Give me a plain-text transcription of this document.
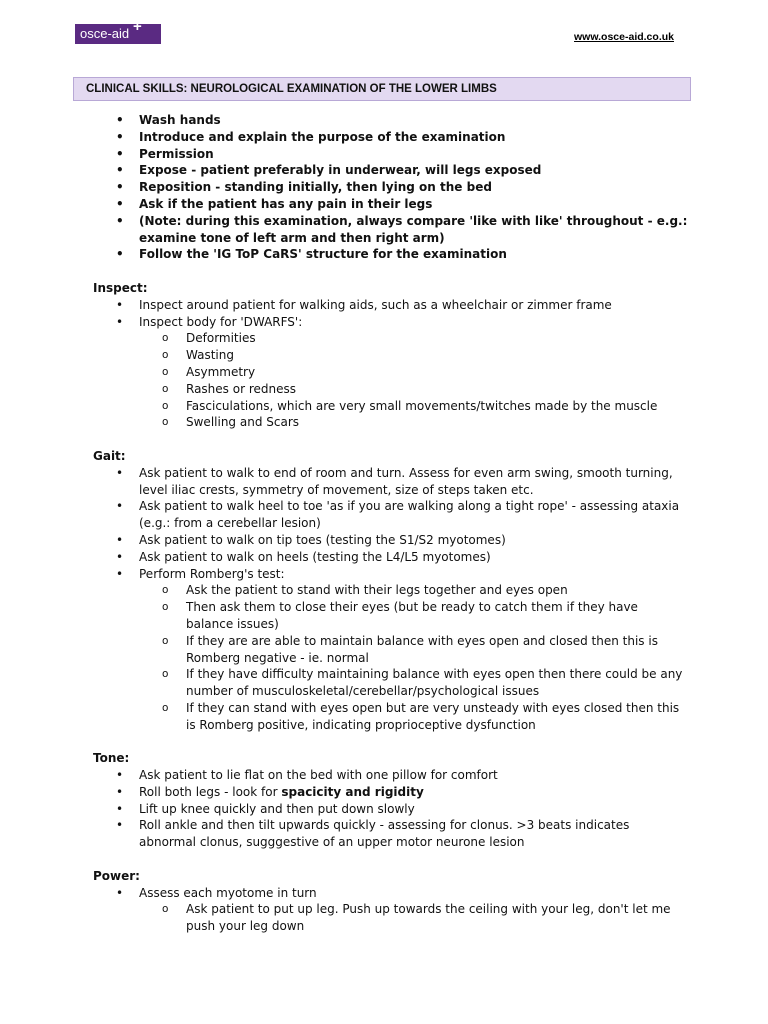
osce-aid +
www.osce-aid.co.uk
CLINICAL SKILLS: NEUROLOGICAL EXAMINATION OF THE LOWER LIMBS
• Wash hands
• Introduce and explain the purpose of the examination
• Permission
• Expose - patient preferably in underwear, will legs exposed
• Reposition - standing initially, then lying on the bed
• Ask if the patient has any pain in their legs
• (Note: during this examination, always compare 'like with like' throughout - e.g.: examine tone of left arm and then right arm)
• Follow the 'IG ToP CaRS' structure for the examination
Inspect:
• Inspect around patient for walking aids, such as a wheelchair or zimmer frame
• Inspect body for 'DWARFS':
o Deformities
o Wasting
o Asymmetry
o Rashes or redness
o Fasciculations, which are very small movements/twitches made by the muscle
o Swelling and Scars
Gait:
• Ask patient to walk to end of room and turn. Assess for even arm swing, smooth turning, level iliac crests, symmetry of movement, size of steps taken etc.
• Ask patient to walk heel to toe 'as if you are walking along a tight rope' - assessing ataxia (e.g.: from a cerebellar lesion)
• Ask patient to walk on tip toes (testing the S1/S2 myotomes)
• Ask patient to walk on heels (testing the L4/L5 myotomes)
• Perform Romberg's test:
o Ask the patient to stand with their legs together and eyes open
o Then ask them to close their eyes (but be ready to catch them if they have balance issues)
o If they are are able to maintain balance with eyes open and closed then this is Romberg negative - ie. normal
o If they have difficulty maintaining balance with eyes open then there could be any number of musculoskeletal/cerebellar/psychological issues
o If they can stand with eyes open but are very unsteady with eyes closed then this is Romberg positive, indicating proprioceptive dysfunction
Tone:
• Ask patient to lie flat on the bed with one pillow for comfort
• Roll both legs - look for spacicity and rigidity
• Lift up knee quickly and then put down slowly
• Roll ankle and then tilt upwards quickly - assessing for clonus. >3 beats indicates abnormal clonus, sugggestive of an upper motor neurone lesion
Power:
• Assess each myotome in turn
o Ask patient to put up leg. Push up towards the ceiling with your leg, don't let me push your leg down
